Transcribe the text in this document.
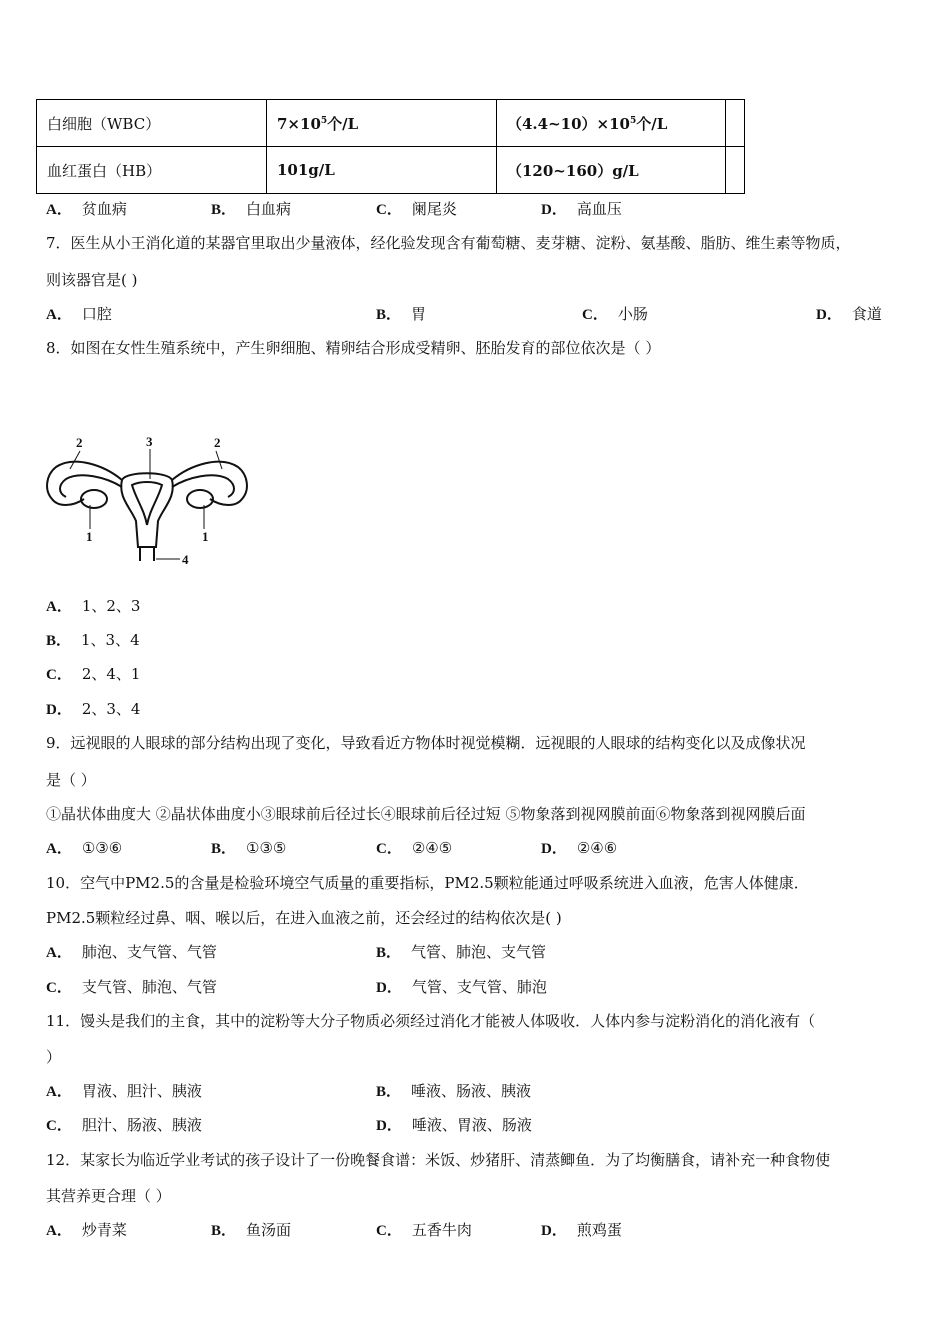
白细胞（WBC）	$7\times 10^5$个/L	$(4.4\sim 10)\times 10^5$个/L	
血红蛋白（HB）	101g/L	（120~160）g/L	
A． 贫血病	B． 白血病	C． 阑尾炎	D． 高血压
7．医生从小王消化道的某器官里取出少量液体，经化验发现含有葡萄糖、麦芽糖、淀粉、氨基酸、脂肪、维生素等物质，
则该器官是( )
A． 口腔	B． 胃	C． 小肠	D． 食道
8．如图在女性生殖系统中，产生卵细胞、精卵结合形成受精卵、胚胎发育的部位依次是（ ）
2	3	2
1	1
4
A． 1、2、3
B． 1、3、4
C． 2、4、1
D． 2、3、4
9．远视眼的人眼球的部分结构出现了变化，导致看近方物体时视觉模糊．远视眼的人眼球的结构变化以及成像状况
是（ ）
①晶状体曲度大 ②晶状体曲度小③眼球前后径过长④眼球前后径过短 ⑤物象落到视网膜前面⑥物象落到视网膜后面
A． ①③⑥	B． ①③⑤	C． ②④⑤	D． ②④⑥
10．空气中PM2.5的含量是检验环境空气质量的重要指标，PM2.5颗粒能通过呼吸系统进入血液，危害人体健康．
PM2.5颗粒经过鼻、咽、喉以后，在进入血液之前，还会经过的结构依次是( )
A． 肺泡、支气管、气管	B． 气管、肺泡、支气管
C． 支气管、肺泡、气管	D． 气管、支气管、肺泡
11．馒头是我们的主食，其中的淀粉等大分子物质必须经过消化才能被人体吸收．人体内参与淀粉消化的消化液有（
）
A． 胃液、胆汁、胰液	B． 唾液、肠液、胰液
C． 胆汁、肠液、胰液	D． 唾液、胃液、肠液
12．某家长为临近学业考试的孩子设计了一份晚餐食谱：米饭、炒猪肝、清蒸鲫鱼．为了均衡膳食，请补充一种食物使
其营养更合理（ ）
A． 炒青菜	B． 鱼汤面	C． 五香牛肉	D． 煎鸡蛋
